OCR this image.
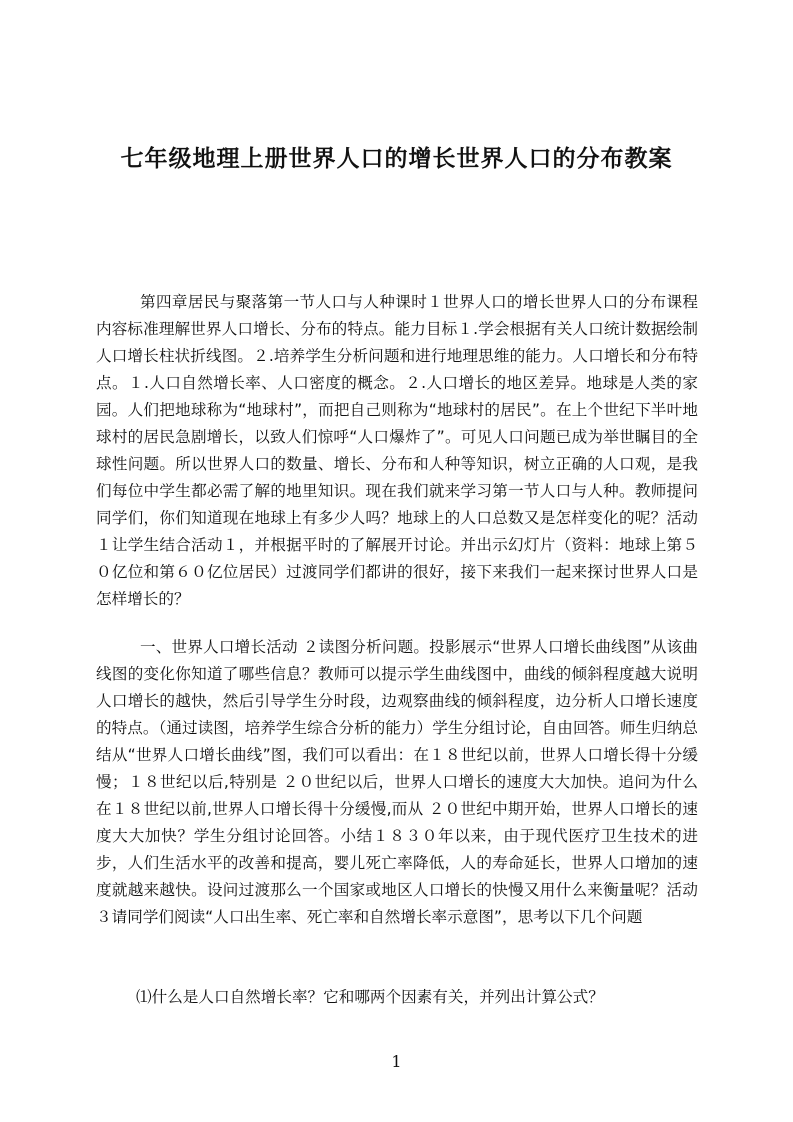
七年级地理上册世界人口的增长世界人口的分布教案

第四章居民与聚落第一节人口与人种课时１世界人口的增长世界人口的分布课程内容标准理解世界人口增长、分布的特点。能力目标１.学会根据有关人口统计数据绘制人口增长柱状折线图。２.培养学生分析问题和进行地理思维的能力。人口增长和分布特点。１.人口自然增长率、人口密度的概念。２.人口增长的地区差异。地球是人类的家园。人们把地球称为“地球村”，而把自己则称为“地球村的居民”。在上个世纪下半叶地球村的居民急剧增长，以致人们惊呼“人口爆炸了”。可见人口问题已成为举世瞩目的全球性问题。所以世界人口的数量、增长、分布和人种等知识，树立正确的人口观，是我们每位中学生都必需了解的地里知识。现在我们就来学习第一节人口与人种。教师提问同学们，你们知道现在地球上有多少人吗？地球上的人口总数又是怎样变化的呢？活动１让学生结合活动１，并根据平时的了解展开讨论。并出示幻灯片（资料：地球上第５０亿位和第６０亿位居民）过渡同学们都讲的很好，接下来我们一起来探讨世界人口是怎样增长的？

一、世界人口增长活动 ２读图分析问题。投影展示“世界人口增长曲线图”从该曲线图的变化你知道了哪些信息？教师可以提示学生曲线图中，曲线的倾斜程度越大说明人口增长的越快，然后引导学生分时段，边观察曲线的倾斜程度，边分析人口增长速度的特点。（通过读图，培养学生综合分析的能力）学生分组讨论，自由回答。师生归纳总结从“世界人口增长曲线”图，我们可以看出：在１８世纪以前，世界人口增长得十分缓慢；１８世纪以后,特别是 ２０世纪以后，世界人口增长的速度大大加快。追问为什么在１８世纪以前,世界人口增长得十分缓慢,而从 ２０世纪中期开始，世界人口增长的速度大大加快？学生分组讨论回答。小结１８３０年以来，由于现代医疗卫生技术的进步，人们生活水平的改善和提高，婴儿死亡率降低，人的寿命延长，世界人口增加的速度就越来越快。设问过渡那么一个国家或地区人口增长的快慢又用什么来衡量呢？活动３请同学们阅读“人口出生率、死亡率和自然增长率示意图”，思考以下几个问题

⑴什么是人口自然增长率？它和哪两个因素有关，并列出计算公式？

1
